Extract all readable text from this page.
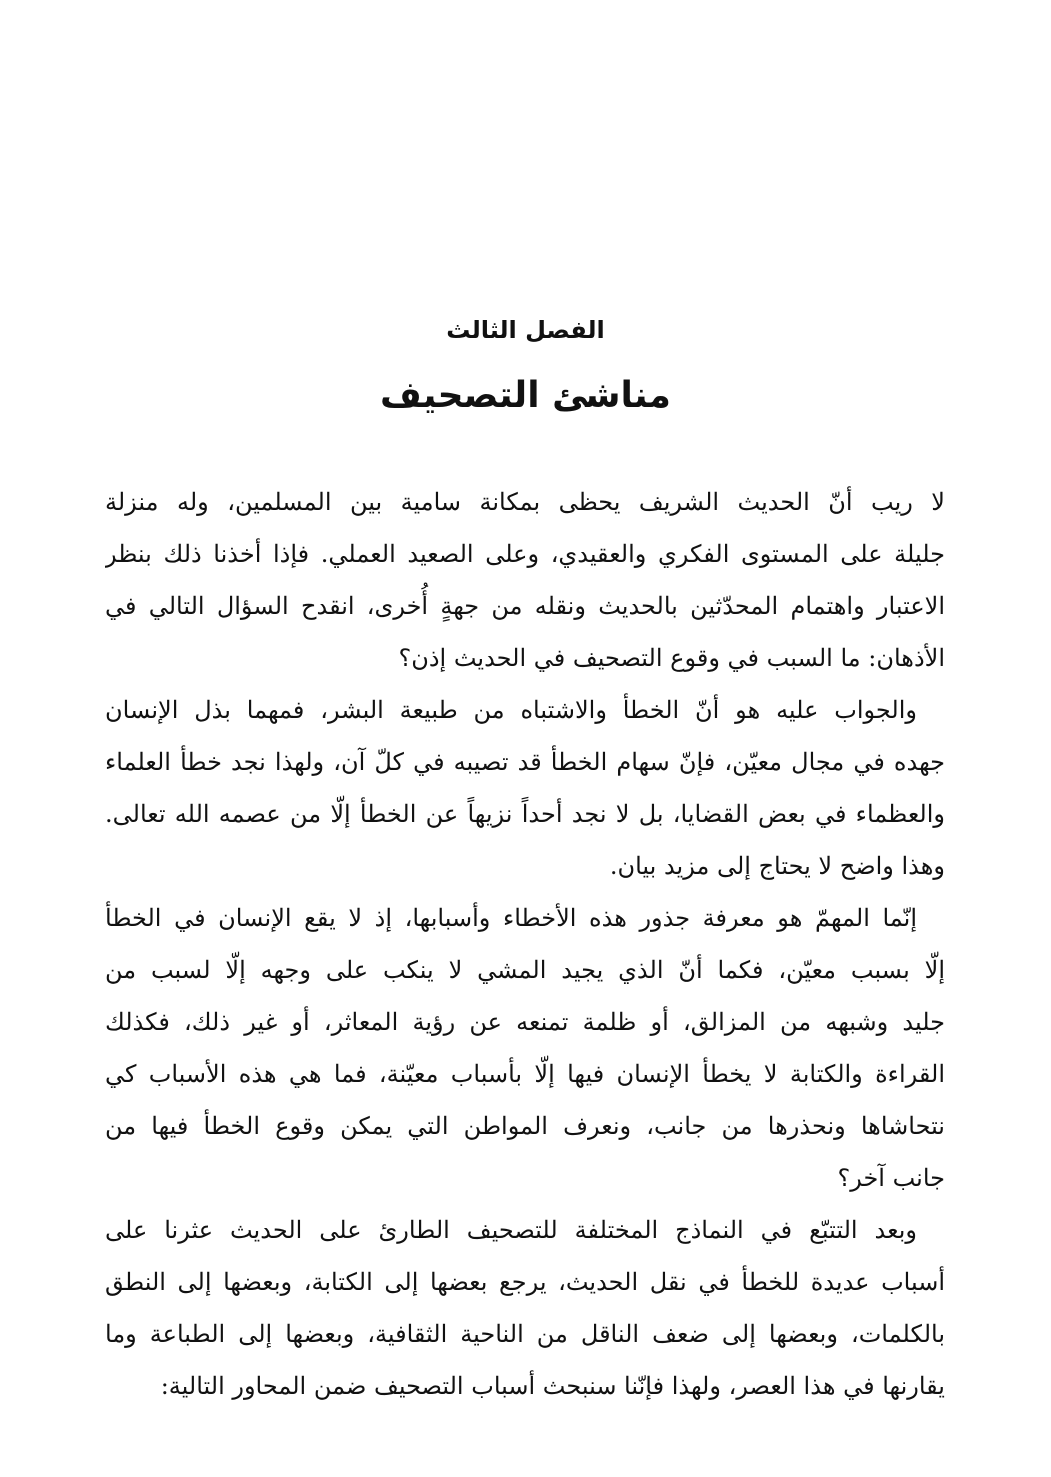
الفصل الثالث
مناشئ التصحيف
لا ريب أنّ الحديث الشريف يحظى بمكانة سامية بين المسلمين، وله منزلة
جليلة على المستوى الفكري والعقيدي، وعلى الصعيد العملي. فإذا أخذنا ذلك بنظر
الاعتبار واهتمام المحدّثين بالحديث ونقله من جهةٍ أُخرى، انقدح السؤال التالي في
الأذهان: ما السبب في وقوع التصحيف في الحديث إذن؟
والجواب عليه هو أنّ الخطأ والاشتباه من طبيعة البشر، فمهما بذل الإنسان
جهده في مجال معيّن، فإنّ سهام الخطأ قد تصيبه في كلّ آن، ولهذا نجد خطأ العلماء
والعظماء في بعض القضايا، بل لا نجد أحداً نزيهاً عن الخطأ إلّا من عصمه الله تعالى.
وهذا واضح لا يحتاج إلى مزيد بيان.
إنّما المهمّ هو معرفة جذور هذه الأخطاء وأسبابها، إذ لا يقع الإنسان في الخطأ
إلّا بسبب معيّن، فكما أنّ الذي يجيد المشي لا ينكب على وجهه إلّا لسبب من
جليد وشبهه من المزالق، أو ظلمة تمنعه عن رؤية المعاثر، أو غير ذلك، فكذلك
القراءة والكتابة لا يخطأ الإنسان فيها إلّا بأسباب معيّنة، فما هي هذه الأسباب كي
نتحاشاها ونحذرها من جانب، ونعرف المواطن التي يمكن وقوع الخطأ فيها من
جانب آخر؟
وبعد التتبّع في النماذج المختلفة للتصحيف الطارئ على الحديث عثرنا على
أسباب عديدة للخطأ في نقل الحديث، يرجع بعضها إلى الكتابة، وبعضها إلى النطق
بالكلمات، وبعضها إلى ضعف الناقل من الناحية الثقافية، وبعضها إلى الطباعة وما
يقارنها في هذا العصر، ولهذا فإنّنا سنبحث أسباب التصحيف ضمن المحاور التالية:
